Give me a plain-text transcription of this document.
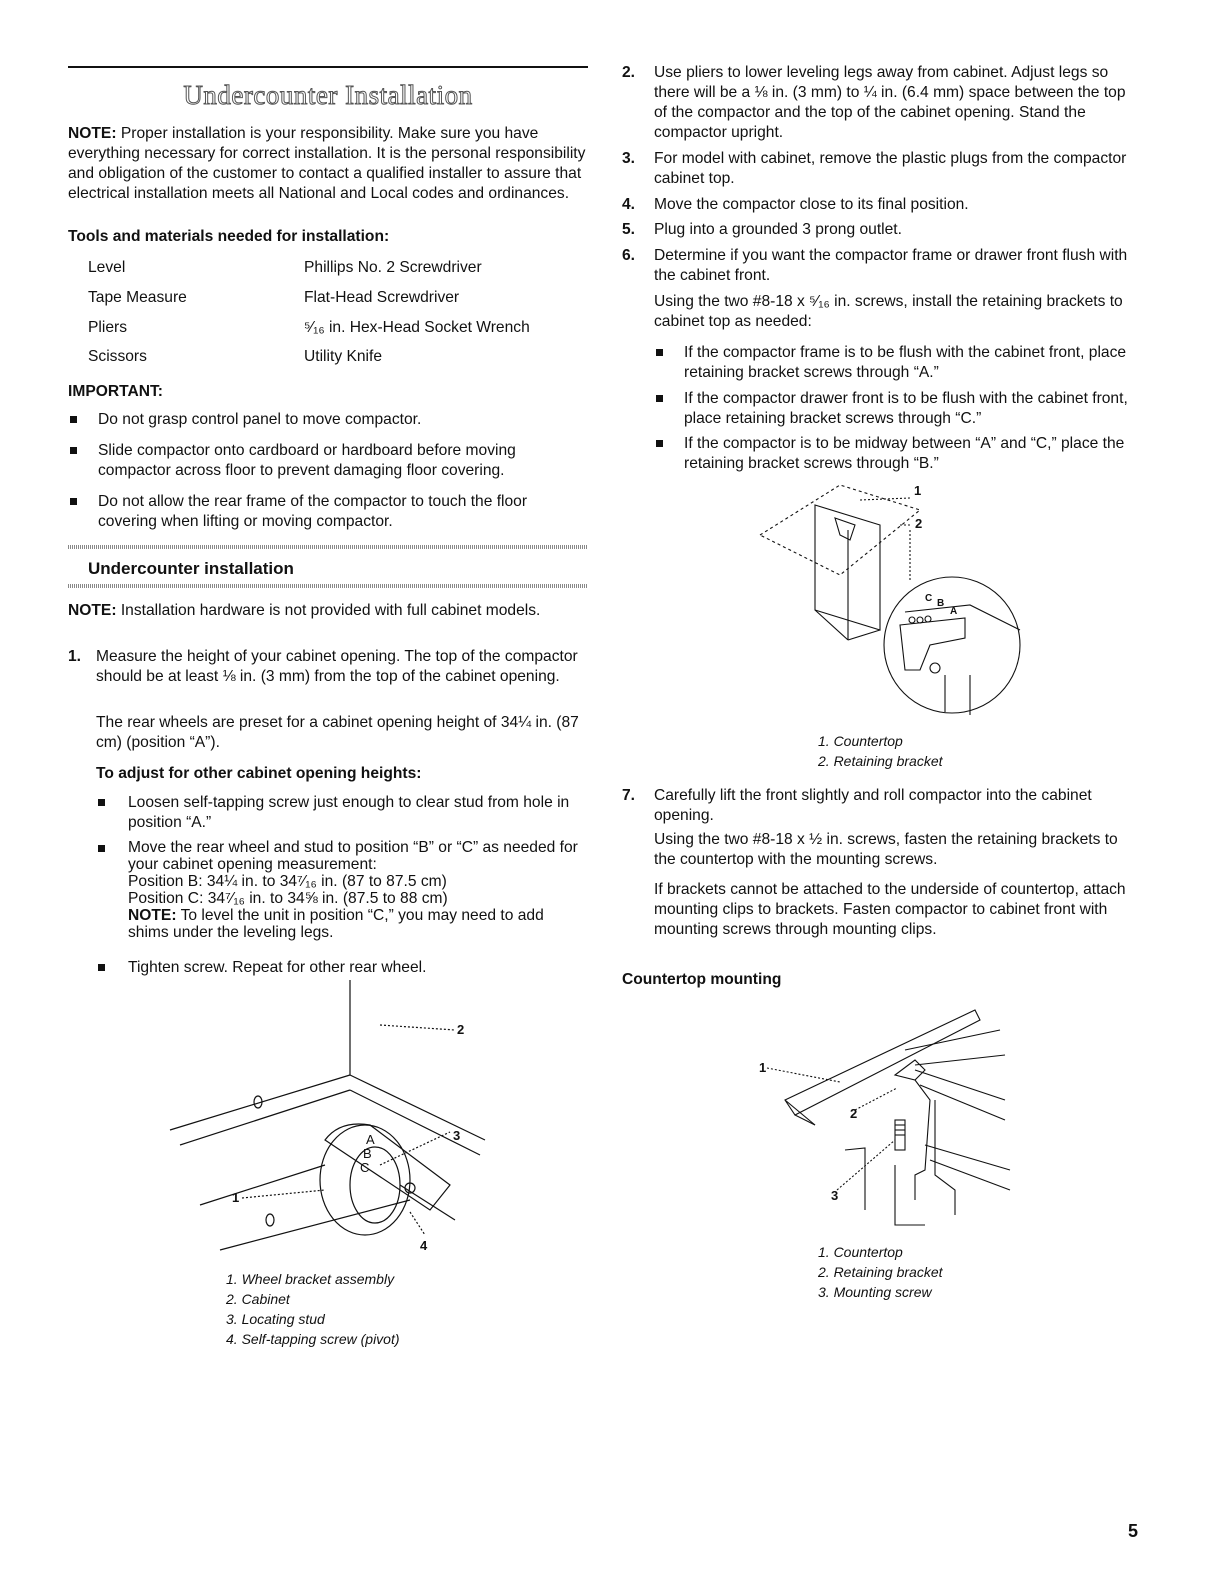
Undercounter Installation

NOTE: Proper installation is your responsibility. Make sure you have everything necessary for correct installation. It is the personal responsibility and obligation of the customer to contact a qualified installer to assure that electrical installation meets all National and Local codes and ordinances.

Tools and materials needed for installation:

Level
Tape Measure
Pliers
Scissors
Phillips No. 2 Screwdriver
Flat-Head Screwdriver
⁵⁄₁₆ in. Hex-Head Socket Wrench
Utility Knife

IMPORTANT:

Do not grasp control panel to move compactor.

Slide compactor onto cardboard or hardboard before moving compactor across floor to prevent damaging floor covering.

Do not allow the rear frame of the compactor to touch the floor covering when lifting or moving compactor.

Undercounter installation

NOTE: Installation hardware is not provided with full cabinet models.

1. Measure the height of your cabinet opening. The top of the compactor should be at least ⅛ in. (3 mm) from the top of the cabinet opening.

The rear wheels are preset for a cabinet opening height of 34¼ in. (87 cm) (position “A”).

To adjust for other cabinet opening heights:

Loosen self-tapping screw just enough to clear stud from hole in position “A.”

Move the rear wheel and stud to position “B” or “C” as needed for your cabinet opening measurement:
Position B: 34¼ in. to 34⁷⁄₁₆ in. (87 to 87.5 cm)
Position C: 34⁷⁄₁₆ in. to 34⅝ in. (87.5 to 88 cm)
NOTE: To level the unit in position “C,” you may need to add shims under the leveling legs.

Tighten screw. Repeat for other rear wheel.

2
3
1
4
A
B
C
1. Wheel bracket assembly
2. Cabinet
3. Locating stud
4. Self-tapping screw (pivot)
2. Use pliers to lower leveling legs away from cabinet. Adjust legs so there will be a ⅛ in. (3 mm) to ¼ in. (6.4 mm) space between the top of the compactor and the top of the cabinet opening. Stand the compactor upright.

3. For model with cabinet, remove the plastic plugs from the compactor cabinet top.

4. Move the compactor close to its final position.

5. Plug into a grounded 3 prong outlet.

6. Determine if you want the compactor frame or drawer front flush with the cabinet front.

Using the two #8-18 x ⁵⁄₁₆ in. screws, install the retaining brackets to cabinet top as needed:

If the compactor frame is to be flush with the cabinet front, place retaining bracket screws through “A.”

If the compactor drawer front is to be flush with the cabinet front, place retaining bracket screws through “C.”

If the compactor is to be midway between “A” and “C,” place the retaining bracket screws through “B.”

1
2
C B
A
1. Countertop
2. Retaining bracket
7. Carefully lift the front slightly and roll compactor into the cabinet opening.

Using the two #8-18 x ½ in. screws, fasten the retaining brackets to the countertop with the mounting screws.

If brackets cannot be attached to the underside of countertop, attach mounting clips to brackets. Fasten compactor to cabinet front with mounting screws through mounting clips.

Countertop mounting

1
2
3
1. Countertop
2. Retaining bracket
3. Mounting screw
5
